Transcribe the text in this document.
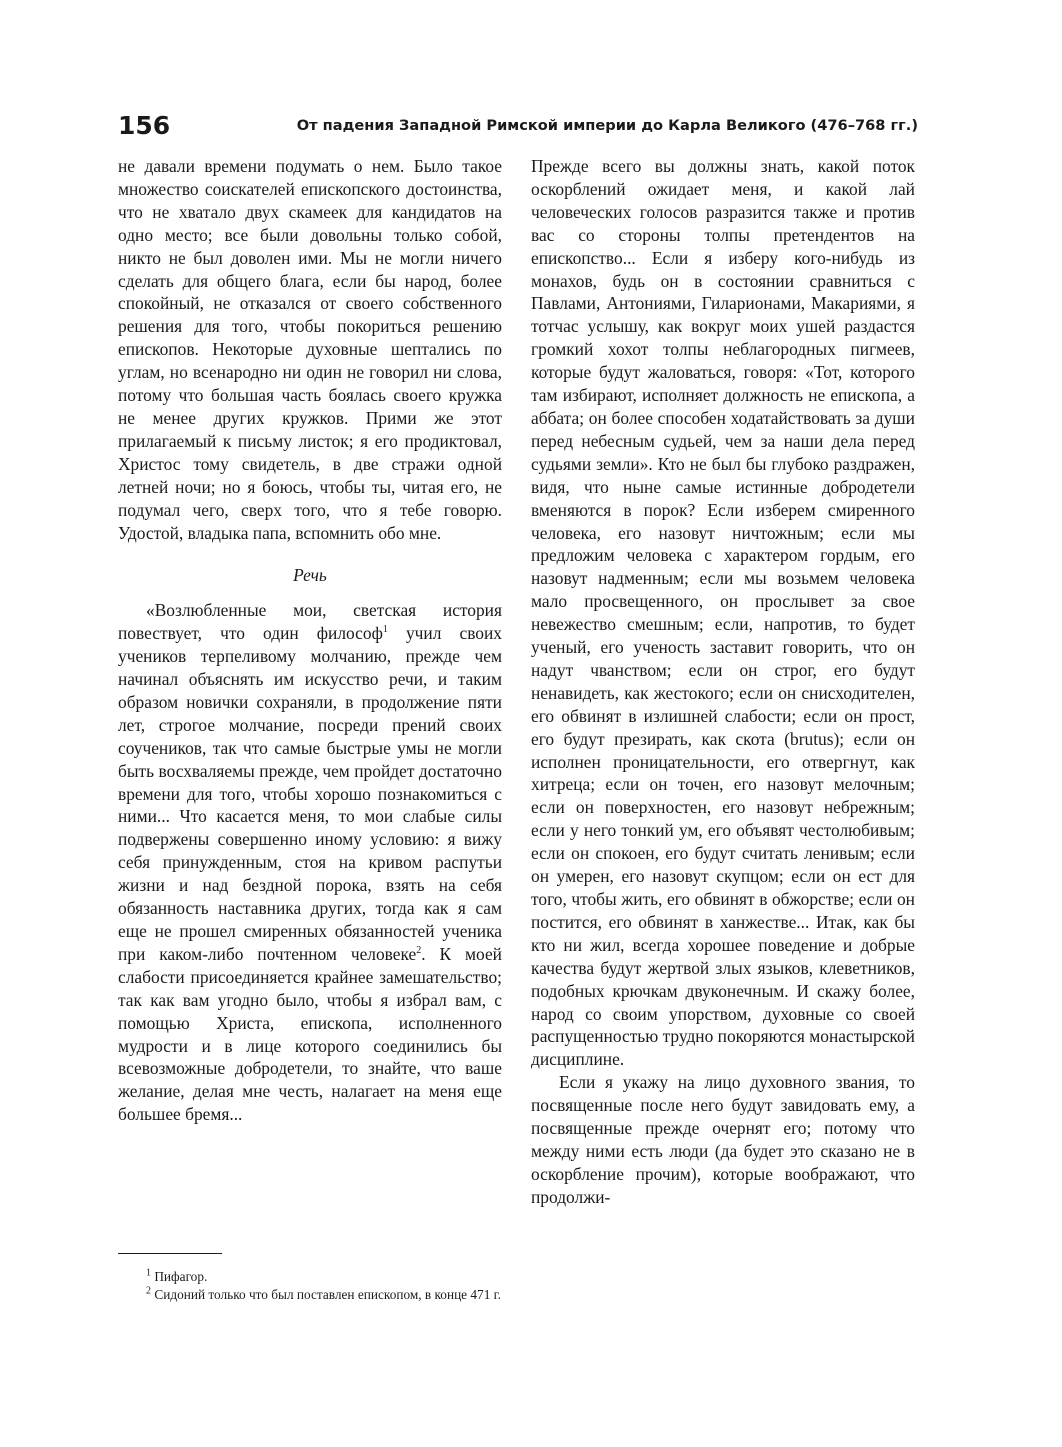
156	От падения Западной Римской империи до Карла Великого (476–768 гг.)

не давали времени подумать о нем. Было такое множество соискателей епископского достоинства, что не хватало двух скамеек для кандидатов на одно место; все были довольны только собой, никто не был доволен ими. Мы не могли ничего сделать для общего блага, если бы народ, более спокойный, не отказался от своего собственного решения для того, чтобы покориться решению епископов. Некоторые духовные шептались по углам, но всенародно ни один не говорил ни слова, потому что большая часть боялась своего кружка не менее других кружков. Прими же этот прилагаемый к письму листок; я его продиктовал, Христос тому свидетель, в две стражи одной летней ночи; но я боюсь, чтобы ты, читая его, не подумал чего, сверх того, что я тебе говорю. Удостой, владыка папа, вспомнить обо мне.

Речь

«Возлюбленные мои, светская история повествует, что один философ$^1$ учил своих учеников терпеливому молчанию, прежде чем начинал объяснять им искусство речи, и таким образом новички сохраняли, в продолжение пяти лет, строгое молчание, посреди прений своих соучеников, так что самые быстрые умы не могли быть восхваляемы прежде, чем пройдет достаточно времени для того, чтобы хорошо познакомиться с ними... Что касается меня, то мои слабые силы подвержены совершенно иному условию: я вижу себя принужденным, стоя на кривом распутьи жизни и над бездной порока, взять на себя обязанность наставника других, тогда как я сам еще не прошел смиренных обязанностей ученика при каком-либо почтенном человеке$^2$. К моей слабости присоединяется крайнее замешательство; так как вам угодно было, чтобы я избрал вам, с помощью Христа, епископа, исполненного мудрости и в лице которого соединились бы всевозможные добродетели, то знайте, что ваше желание, делая мне честь, налагает на меня еще большее бремя...

Прежде всего вы должны знать, какой поток оскорблений ожидает меня, и какой лай человеческих голосов разразится также и против вас со стороны толпы претендентов на епископство... Если я изберу кого-нибудь из монахов, будь он в состоянии сравниться с Павлами, Антониями, Гиларионами, Макариями, я тотчас услышу, как вокруг моих ушей раздастся громкий хохот толпы неблагородных пигмеев, которые будут жаловаться, говоря: «Тот, которого там избирают, исполняет должность не епископа, а аббата; он более способен ходатайствовать за души перед небесным судьей, чем за наши дела перед судьями земли». Кто не был бы глубоко раздражен, видя, что ныне самые истинные добродетели вменяются в порок? Если изберем смиренного человека, его назовут ничтожным; если мы предложим человека с характером гордым, его назовут надменным; если мы возьмем человека мало просвещенного, он прослывет за свое невежество смешным; если, напротив, то будет ученый, его ученость заставит говорить, что он надут чванством; если он строг, его будут ненавидеть, как жестокого; если он снисходителен, его обвинят в излишней слабости; если он прост, его будут презирать, как скота (brutus); если он исполнен проницательности, его отвергнут, как хитреца; если он точен, его назовут мелочным; если он поверхностен, его назовут небрежным; если у него тонкий ум, его объявят честолюбивым; если он спокоен, его будут считать ленивым; если он умерен, его назовут скупцом; если он ест для того, чтобы жить, его обвинят в обжорстве; если он постится, его обвинят в ханжестве... Итак, как бы кто ни жил, всегда хорошее поведение и добрые качества будут жертвой злых языков, клеветников, подобных крючкам двуконечным. И скажу более, народ со своим упорством, духовные со своей распущенностью трудно покоряются монастырской дисциплине.

Если я укажу на лицо духовного звания, то посвященные после него будут завидовать ему, а посвященные прежде очернят его; потому что между ними есть люди (да будет это сказано не в оскорбление прочим), которые воображают, что продолжи-

$^1$ Пифагор.

$^2$ Сидоний только что был поставлен епископом, в конце 471 г.
